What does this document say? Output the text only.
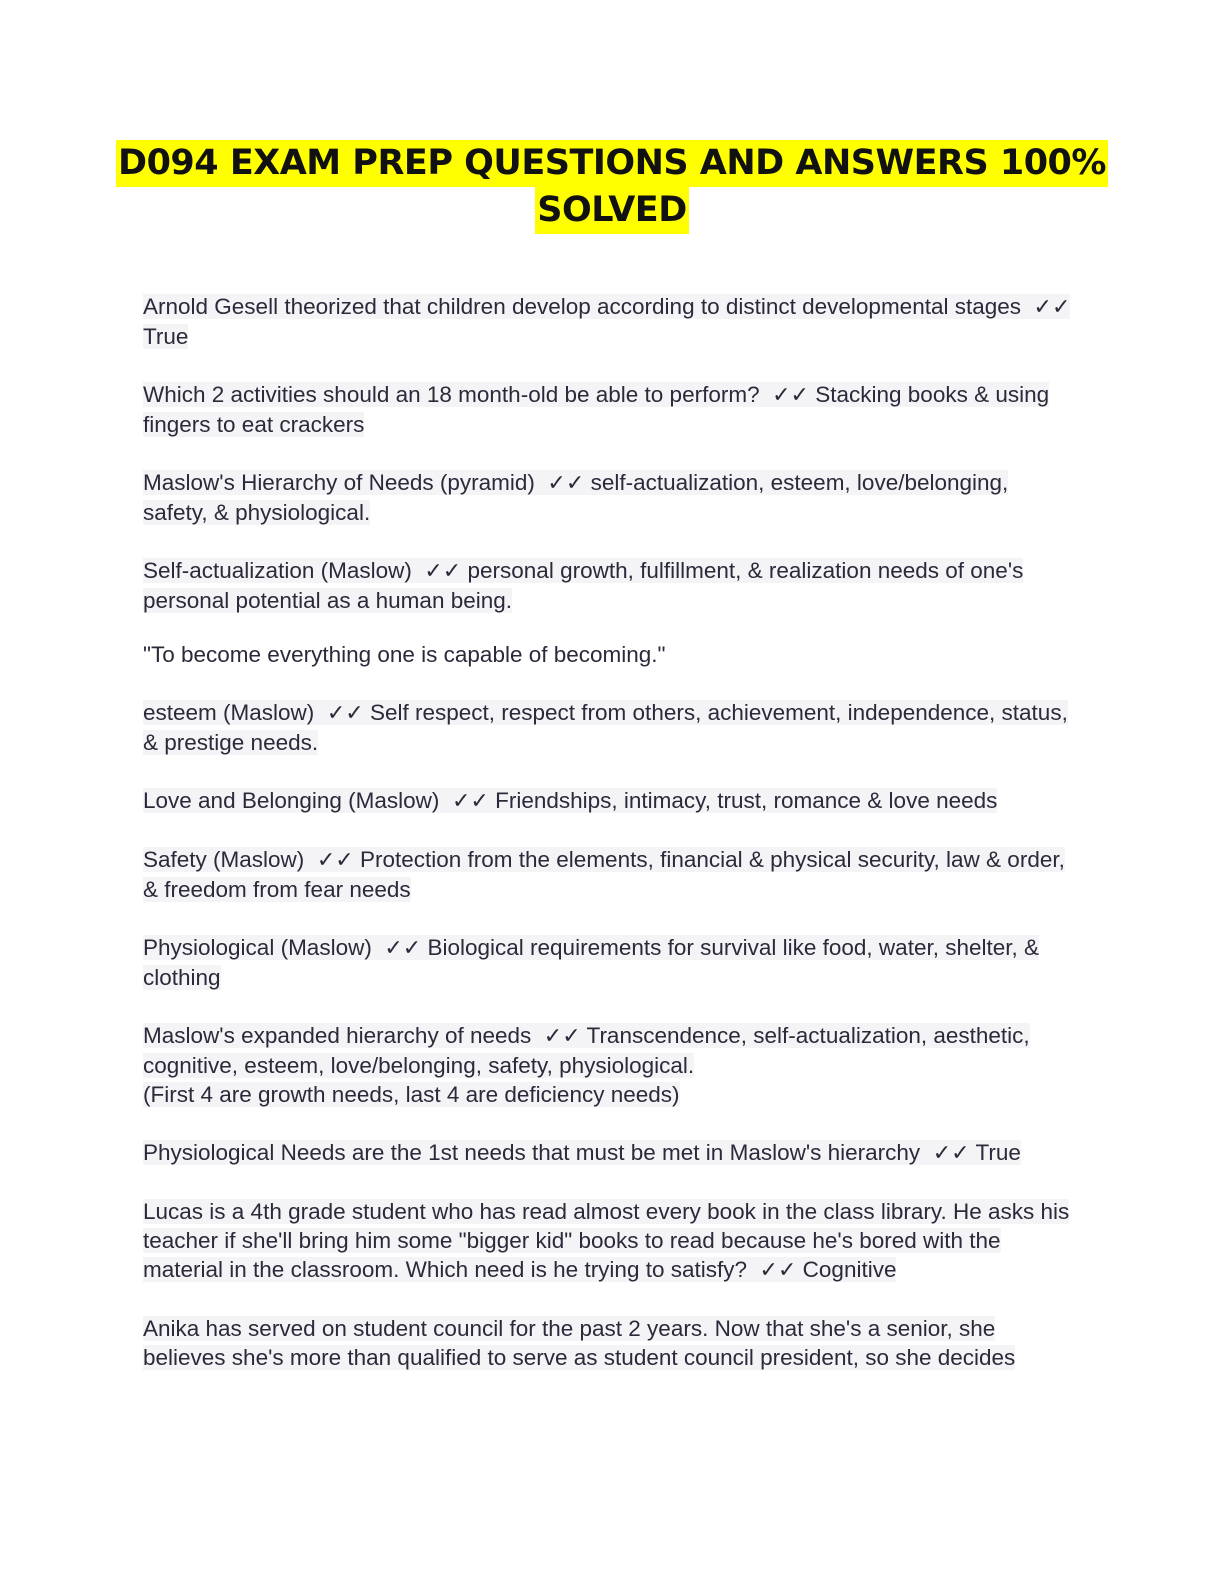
D094 EXAM PREP QUESTIONS AND ANSWERS 100%
SOLVED

Arnold Gesell theorized that children develop according to distinct developmental stages ✓✓ True

Which 2 activities should an 18 month-old be able to perform? ✓✓ Stacking books & using fingers to eat crackers

Maslow's Hierarchy of Needs (pyramid) ✓✓ self-actualization, esteem, love/belonging, safety, & physiological.

Self-actualization (Maslow) ✓✓ personal growth, fulfillment, & realization needs of one's personal potential as a human being.

"To become everything one is capable of becoming."

esteem (Maslow) ✓✓ Self respect, respect from others, achievement, independence, status, & prestige needs.

Love and Belonging (Maslow) ✓✓ Friendships, intimacy, trust, romance & love needs

Safety (Maslow) ✓✓ Protection from the elements, financial & physical security, law & order, & freedom from fear needs

Physiological (Maslow) ✓✓ Biological requirements for survival like food, water, shelter, & clothing

Maslow's expanded hierarchy of needs ✓✓ Transcendence, self-actualization, aesthetic, cognitive, esteem, love/belonging, safety, physiological.
(First 4 are growth needs, last 4 are deficiency needs)

Physiological Needs are the 1st needs that must be met in Maslow's hierarchy ✓✓ True

Lucas is a 4th grade student who has read almost every book in the class library. He asks his teacher if she'll bring him some "bigger kid" books to read because he's bored with the material in the classroom. Which need is he trying to satisfy? ✓✓ Cognitive

Anika has served on student council for the past 2 years. Now that she's a senior, she believes she's more than qualified to serve as student council president, so she decides
